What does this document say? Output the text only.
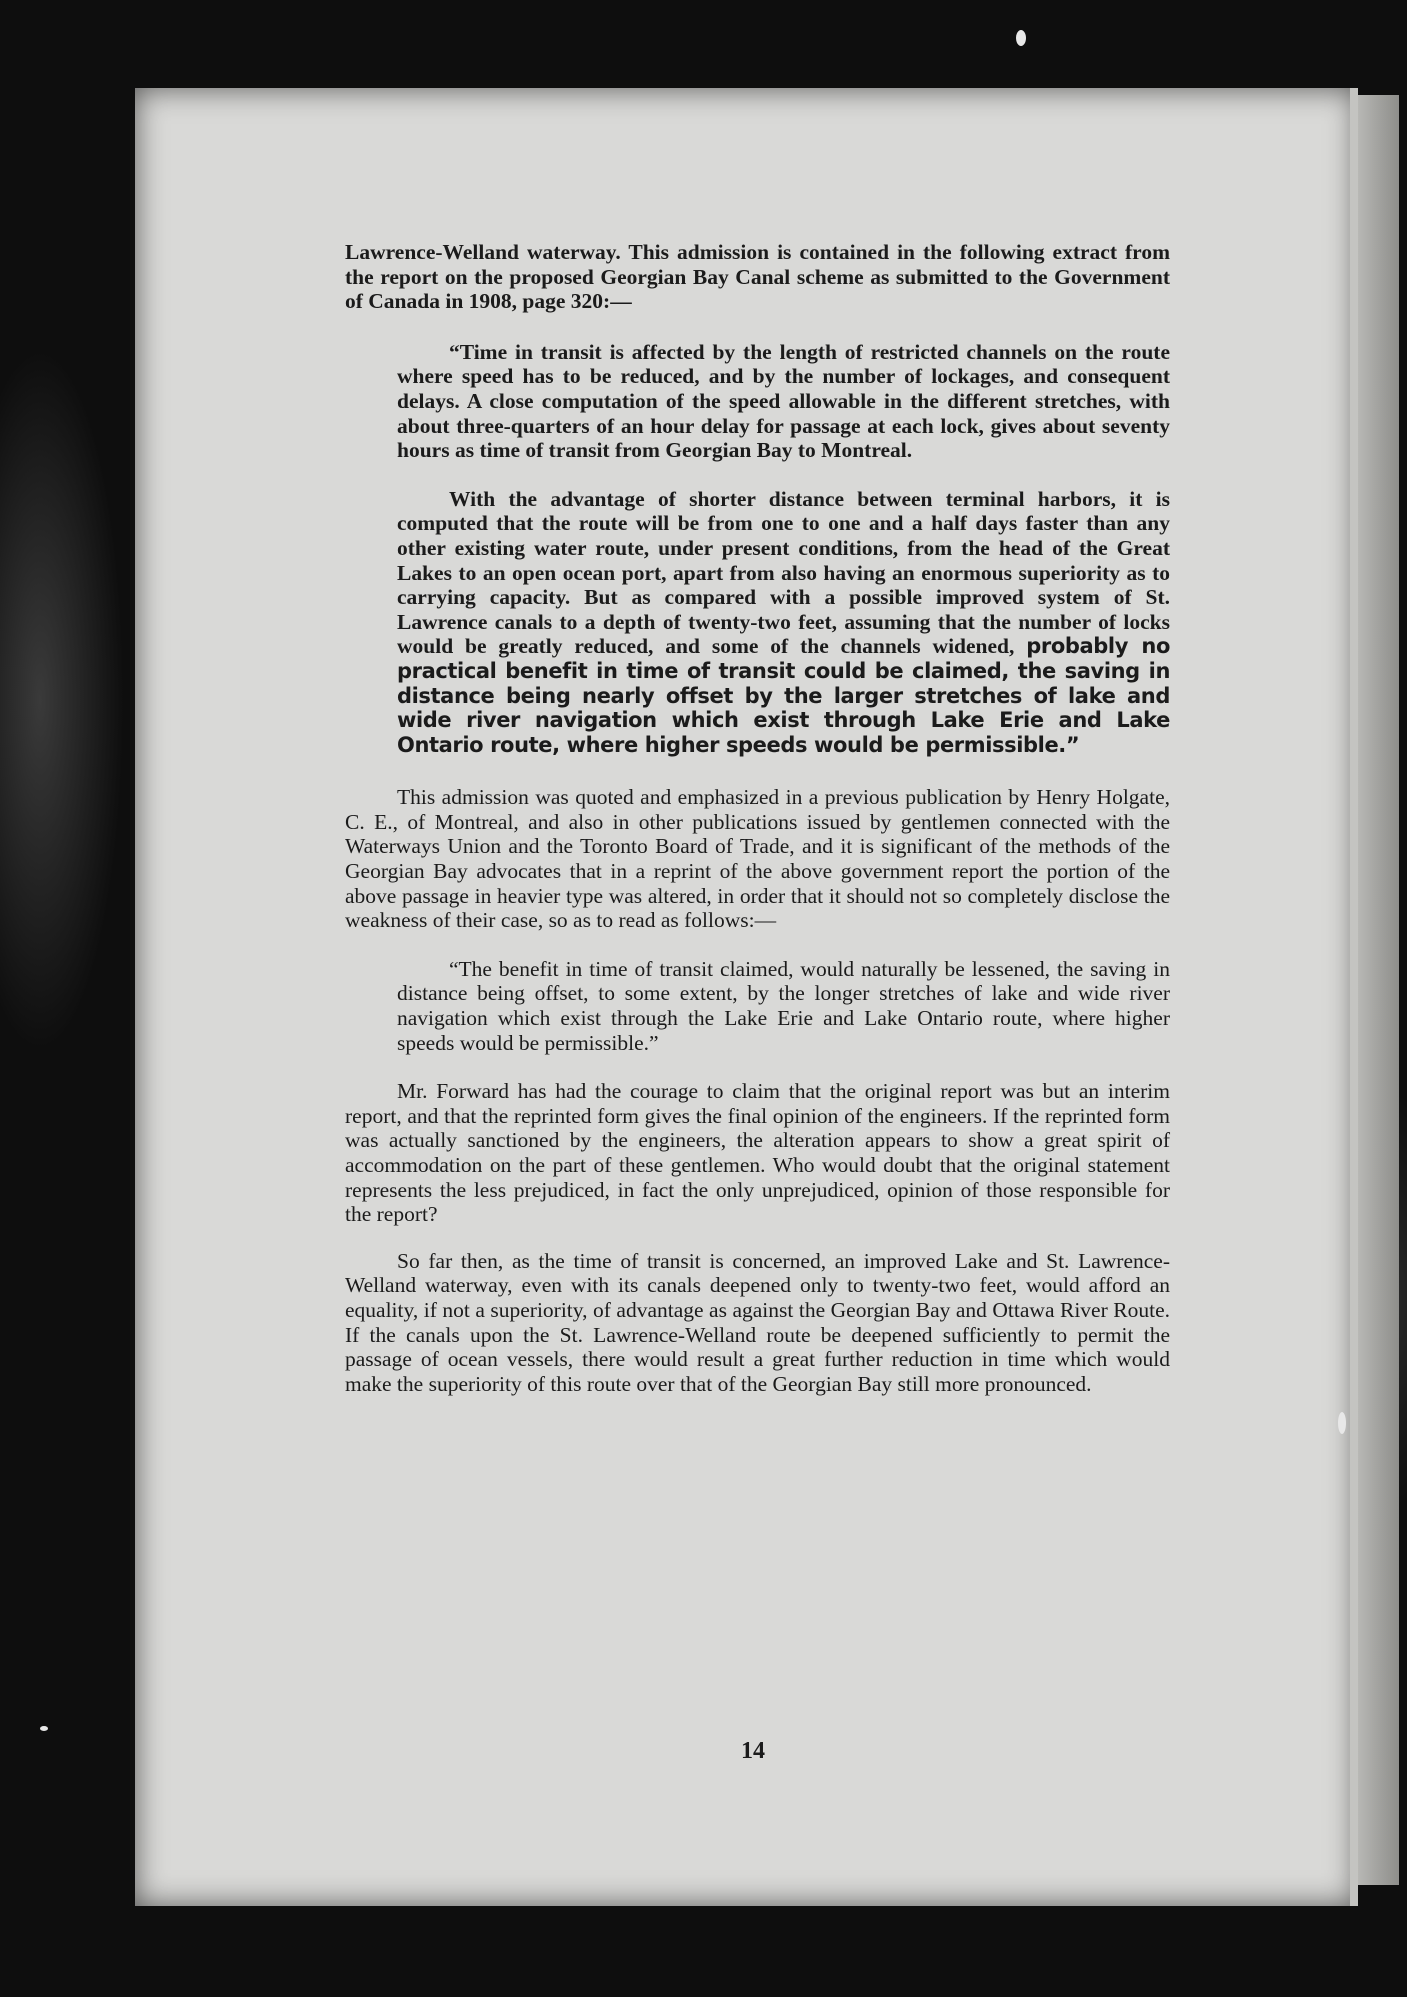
Lawrence-Welland waterway. This admission is contained in the following extract from the report on the proposed Georgian Bay Canal scheme as submitted to the Government of Canada in 1908, page 320:—

“Time in transit is affected by the length of restricted channels on the route where speed has to be reduced, and by the number of lockages, and consequent delays. A close computation of the speed allowable in the different stretches, with about three-quarters of an hour delay for passage at each lock, gives about seventy hours as time of transit from Georgian Bay to Montreal.

With the advantage of shorter distance between terminal harbors, it is computed that the route will be from one to one and a half days faster than any other existing water route, under present conditions, from the head of the Great Lakes to an open ocean port, apart from also having an enormous superiority as to carrying capacity. But as compared with a possible improved system of St. Lawrence canals to a depth of twenty-two feet, assuming that the number of locks would be greatly reduced, and some of the channels widened, probably no practical benefit in time of transit could be claimed, the saving in distance being nearly offset by the larger stretches of lake and wide river navigation which exist through Lake Erie and Lake Ontario route, where higher speeds would be permissible.”

This admission was quoted and emphasized in a previous publication by Henry Holgate, C. E., of Montreal, and also in other publications issued by gentlemen connected with the Waterways Union and the Toronto Board of Trade, and it is significant of the methods of the Georgian Bay advocates that in a reprint of the above government report the portion of the above passage in heavier type was altered, in order that it should not so completely disclose the weakness of their case, so as to read as follows:—

“The benefit in time of transit claimed, would naturally be lessened, the saving in distance being offset, to some extent, by the longer stretches of lake and wide river navigation which exist through the Lake Erie and Lake Ontario route, where higher speeds would be permissible.”

Mr. Forward has had the courage to claim that the original report was but an interim report, and that the reprinted form gives the final opinion of the engineers. If the reprinted form was actually sanctioned by the engineers, the alteration appears to show a great spirit of accommodation on the part of these gentlemen. Who would doubt that the original statement represents the less prejudiced, in fact the only unprejudiced, opinion of those responsible for the report?

So far then, as the time of transit is concerned, an improved Lake and St. Lawrence-Welland waterway, even with its canals deepened only to twenty-two feet, would afford an equality, if not a superiority, of advantage as against the Georgian Bay and Ottawa River Route. If the canals upon the St. Lawrence-Welland route be deepened sufficiently to permit the passage of ocean vessels, there would result a great further reduction in time which would make the superiority of this route over that of the Georgian Bay still more pronounced.

14
